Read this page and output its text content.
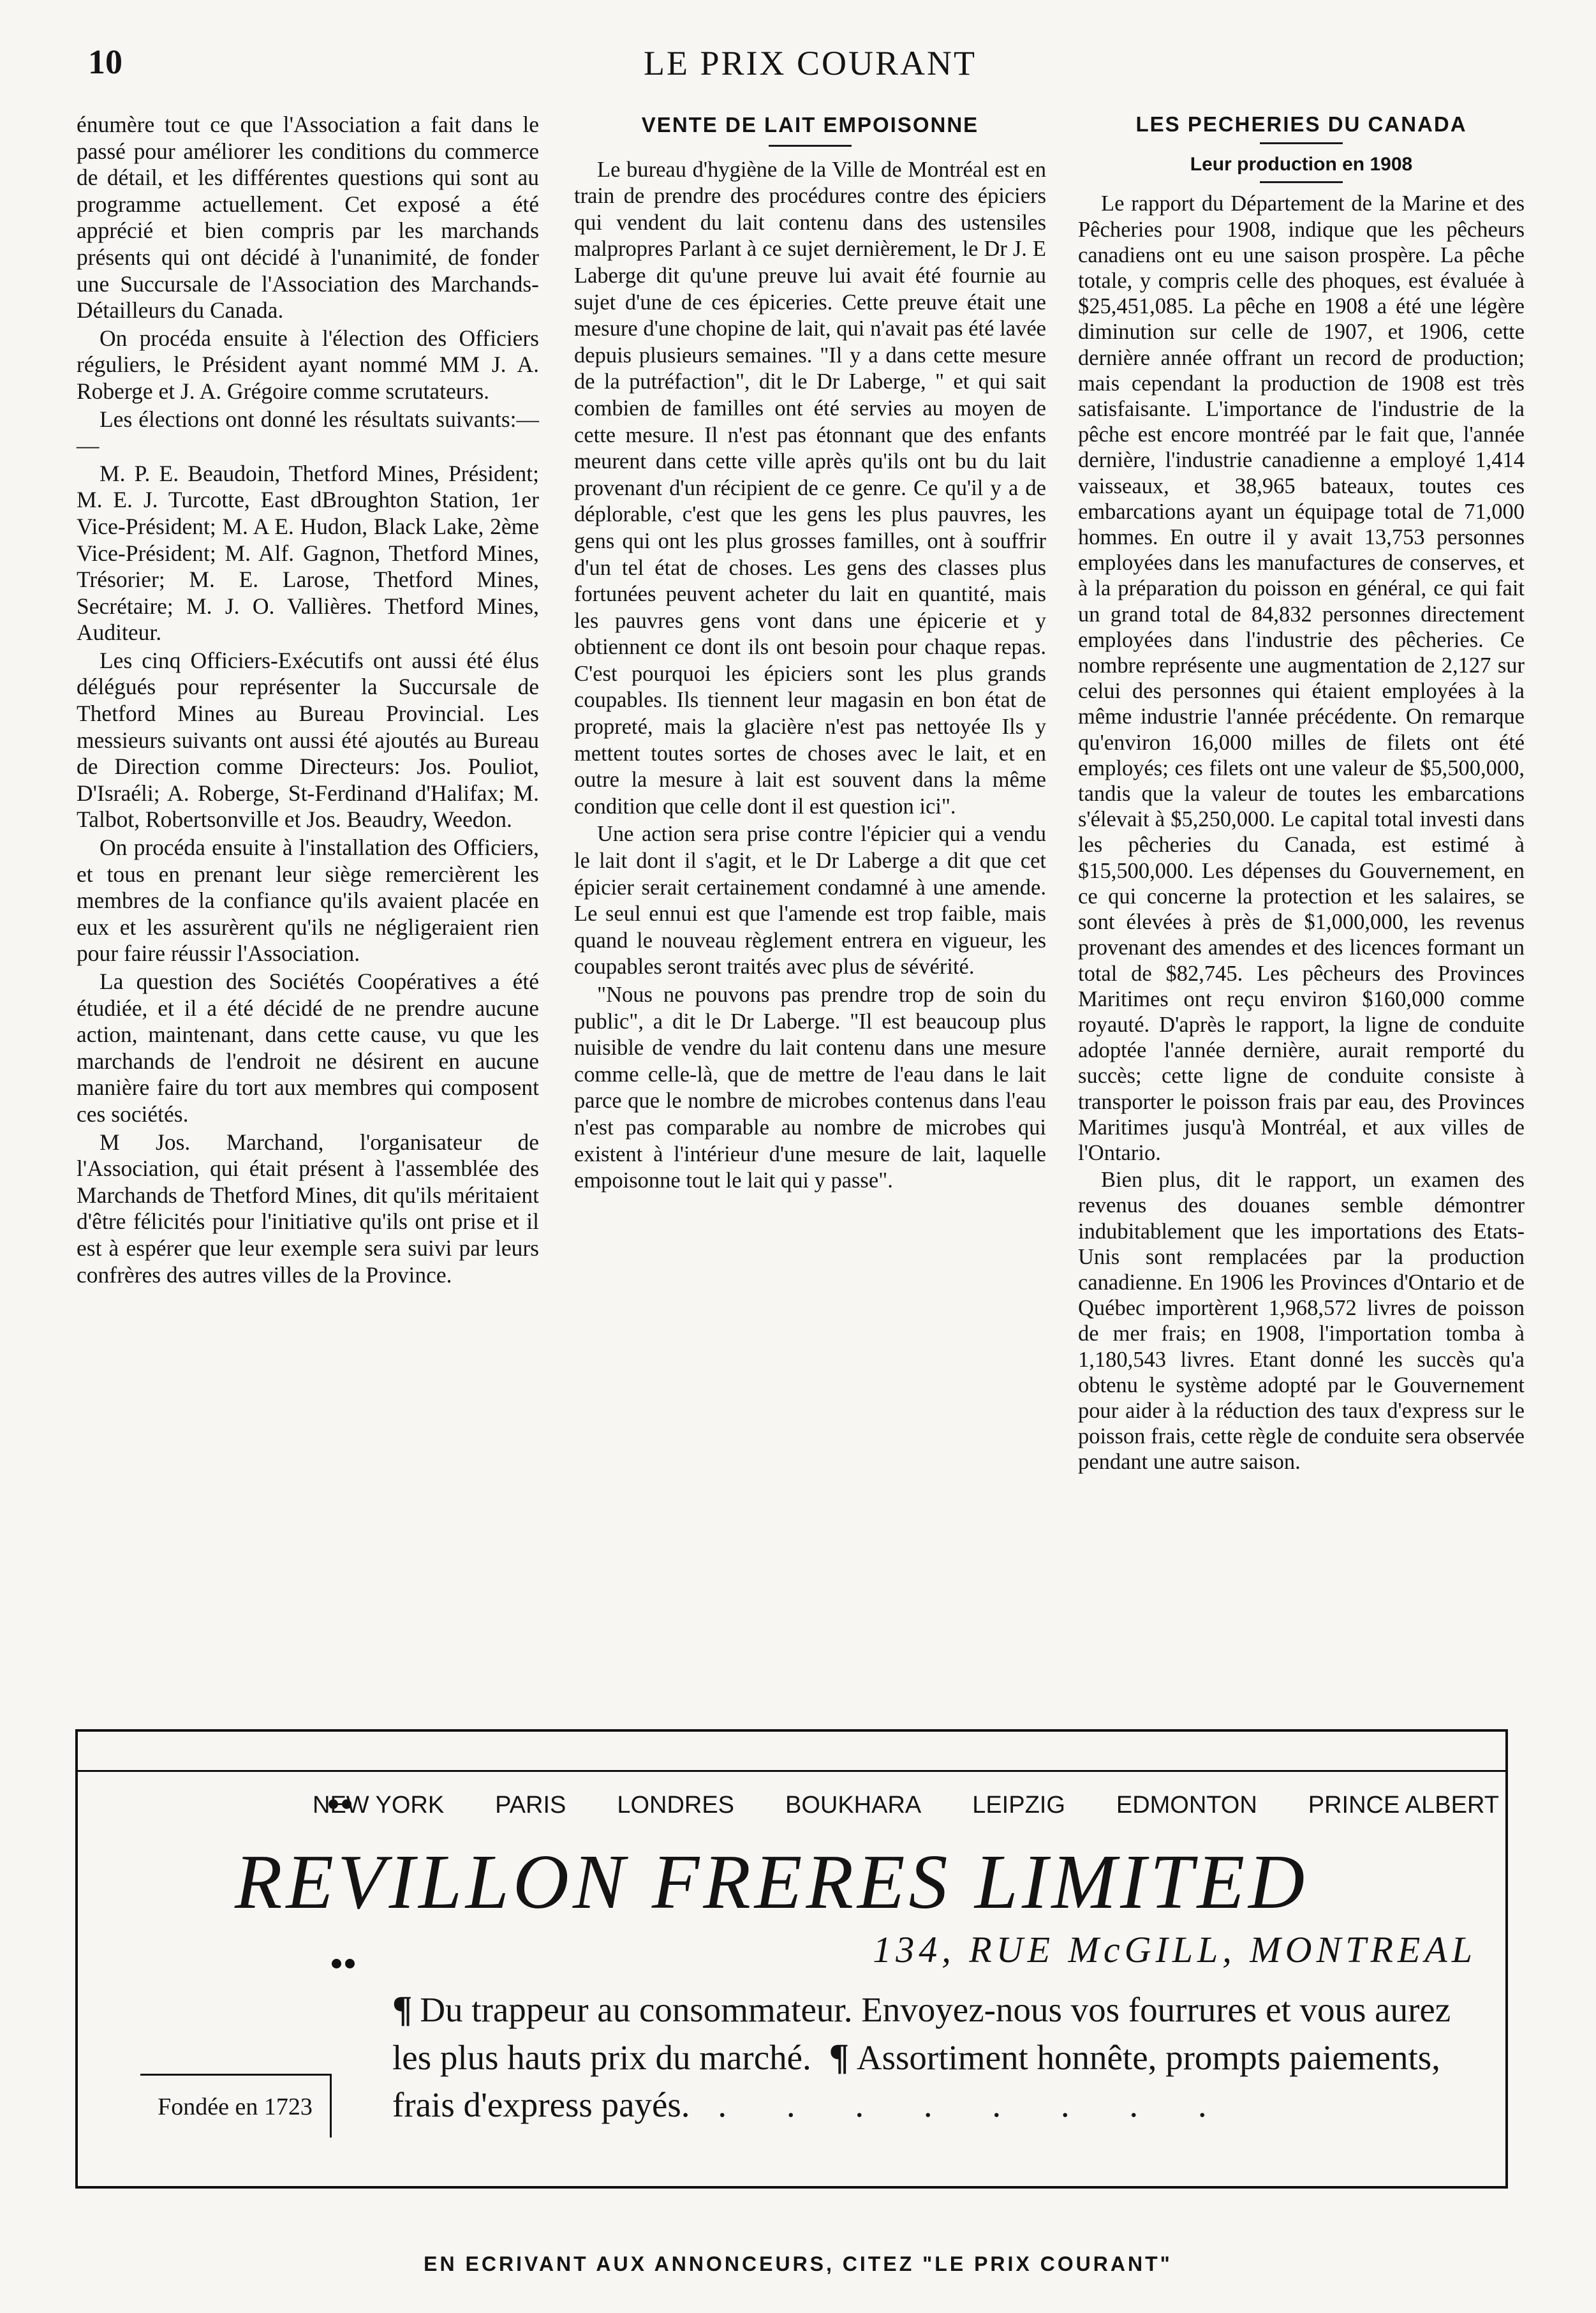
10	LE PRIX COURANT

énumère tout ce que l'Association a fait dans le passé pour améliorer les conditions du commerce de détail, et les différentes questions qui sont au programme actuellement. Cet exposé a été apprécié et bien compris par les marchands présents qui ont décidé à l'unanimité, de fonder une Succursale de l'Association des Marchands-Détailleurs du Canada.

On procéda ensuite à l'élection des Officiers réguliers, le Président ayant nommé MM J. A. Roberge et J. A. Grégoire comme scrutateurs.

Les élections ont donné les résultats suivants:— —

M. P. E. Beaudoin, Thetford Mines, Président; M. E. J. Turcotte, East dBroughton Station, 1er Vice-Président; M. A E. Hudon, Black Lake, 2ème Vice-Président; M. Alf. Gagnon, Thetford Mines, Trésorier; M. E. Larose, Thetford Mines, Secrétaire; M. J. O. Vallières. Thetford Mines, Auditeur.

Les cinq Officiers-Exécutifs ont aussi été élus délégués pour représenter la Succursale de Thetford Mines au Bureau Provincial. Les messieurs suivants ont aussi été ajoutés au Bureau de Direction comme Directeurs: Jos. Pouliot, D'Israéli; A. Roberge, St-Ferdinand d'Halifax; M. Talbot, Robertsonville et Jos. Beaudry, Weedon.

On procéda ensuite à l'installation des Officiers, et tous en prenant leur siège remercièrent les membres de la confiance qu'ils avaient placée en eux et les assurèrent qu'ils ne négligeraient rien pour faire réussir l'Association.

La question des Sociétés Coopératives a été étudiée, et il a été décidé de ne prendre aucune action, maintenant, dans cette cause, vu que les marchands de l'endroit ne désirent en aucune manière faire du tort aux membres qui composent ces sociétés.

M Jos. Marchand, l'organisateur de l'Association, qui était présent à l'assemblée des Marchands de Thetford Mines, dit qu'ils méritaient d'être félicités pour l'initiative qu'ils ont prise et il est à espérer que leur exemple sera suivi par leurs confrères des autres villes de la Province.

VENTE DE LAIT EMPOISONNE

Le bureau d'hygiène de la Ville de Montréal est en train de prendre des procédures contre des épiciers qui vendent du lait contenu dans des ustensiles malpropres Parlant à ce sujet dernièrement, le Dr J. E Laberge dit qu'une preuve lui avait été fournie au sujet d'une de ces épiceries. Cette preuve était une mesure d'une chopine de lait, qui n'avait pas été lavée depuis plusieurs semaines. "Il y a dans cette mesure de la putréfaction", dit le Dr Laberge, " et qui sait combien de familles ont été servies au moyen de cette mesure. Il n'est pas étonnant que des enfants meurent dans cette ville après qu'ils ont bu du lait provenant d'un récipient de ce genre. Ce qu'il y a de déplorable, c'est que les gens les plus pauvres, les gens qui ont les plus grosses familles, ont à souffrir d'un tel état de choses. Les gens des classes plus fortunées peuvent acheter du lait en quantité, mais les pauvres gens vont dans une épicerie et y obtiennent ce dont ils ont besoin pour chaque repas. C'est pourquoi les épiciers sont les plus grands coupables. Ils tiennent leur magasin en bon état de propreté, mais la glacière n'est pas nettoyée Ils y mettent toutes sortes de choses avec le lait, et en outre la mesure à lait est souvent dans la même condition que celle dont il est question ici".

Une action sera prise contre l'épicier qui a vendu le lait dont il s'agit, et le Dr Laberge a dit que cet épicier serait certainement condamné à une amende. Le seul ennui est que l'amende est trop faible, mais quand le nouveau règlement entrera en vigueur, les coupables seront traités avec plus de sévérité.

"Nous ne pouvons pas prendre trop de soin du public", a dit le Dr Laberge. "Il est beaucoup plus nuisible de vendre du lait contenu dans une mesure comme celle-là, que de mettre de l'eau dans le lait parce que le nombre de microbes contenus dans l'eau n'est pas comparable au nombre de microbes qui existent à l'intérieur d'une mesure de lait, laquelle empoisonne tout le lait qui y passe".

LES PECHERIES DU CANADA
Leur production en 1908

Le rapport du Département de la Marine et des Pêcheries pour 1908, indique que les pêcheurs canadiens ont eu une saison prospère. La pêche totale, y compris celle des phoques, est évaluée à $25,451,085. La pêche en 1908 a été une légère diminution sur celle de 1907, et 1906, cette dernière année offrant un record de production; mais cependant la production de 1908 est très satisfaisante. L'importance de l'industrie de la pêche est encore montréé par le fait que, l'année dernière, l'industrie canadienne a employé 1,414 vaisseaux, et 38,965 bateaux, toutes ces embarcations ayant un équipage total de 71,000 hommes. En outre il y avait 13,753 personnes employées dans les manufactures de conserves, et à la préparation du poisson en général, ce qui fait un grand total de 84,832 personnes directement employées dans l'industrie des pêcheries. Ce nombre représente une augmentation de 2,127 sur celui des personnes qui étaient employées à la même industrie l'année précédente. On remarque qu'environ 16,000 milles de filets ont été employés; ces filets ont une valeur de $5,500,000, tandis que la valeur de toutes les embarcations s'élevait à $5,250,000. Le capital total investi dans les pêcheries du Canada, est estimé à $15,500,000. Les dépenses du Gouvernement, en ce qui concerne la protection et les salaires, se sont élevées à près de $1,000,000, les revenus provenant des amendes et des licences formant un total de $82,745. Les pêcheurs des Provinces Maritimes ont reçu environ $160,000 comme royauté. D'après le rapport, la ligne de conduite adoptée l'année dernière, aurait remporté du succès; cette ligne de conduite consiste à transporter le poisson frais par eau, des Provinces Maritimes jusqu'à Montréal, et aux villes de l'Ontario.

Bien plus, dit le rapport, un examen des revenus des douanes semble démontrer indubitablement que les importations des Etats-Unis sont remplacées par la production canadienne. En 1906 les Provinces d'Ontario et de Québec importèrent 1,968,572 livres de poisson de mer frais; en 1908, l'importation tomba à 1,180,543 livres. Etant donné les succès qu'a obtenu le système adopté par le Gouvernement pour aider à la réduction des taux d'express sur le poisson frais, cette règle de conduite sera observée pendant une autre saison.

NEW YORK PARIS LONDRES BOUKHARA LEIPZIG EDMONTON PRINCE ALBERT
REVILLON FRERES LIMITED
134, RUE McGILL, MONTREAL
¶ Du trappeur au consommateur. Envoyez-nous vos fourrures et vous aurez les plus hauts prix du marché. ¶ Assortiment honnête, prompts paiements, frais d'express payés. . . . . . . . .
Fondée en 1723
EN ECRIVANT AUX ANNONCEURS, CITEZ "LE PRIX COURANT"
